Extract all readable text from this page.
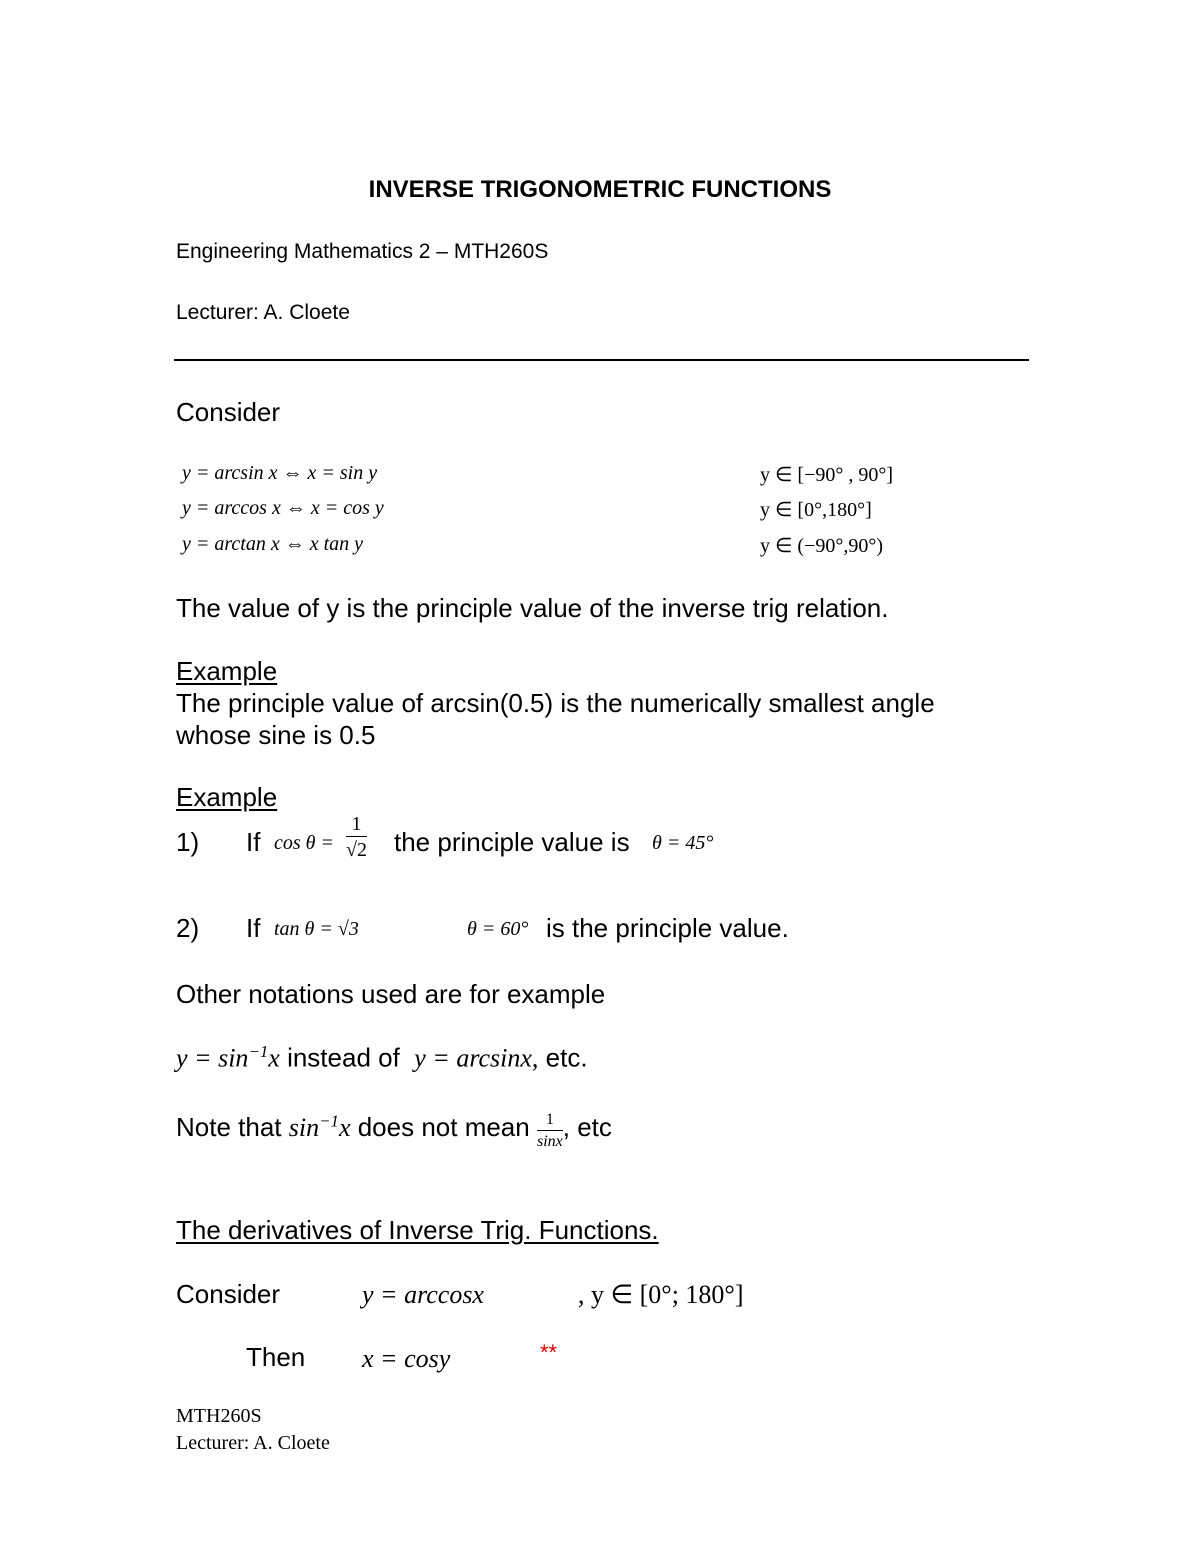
INVERSE TRIGONOMETRIC FUNCTIONS
Engineering Mathematics 2 – MTH260S
Lecturer: A. Cloete
Consider
y = arcsin x ⇔ x = sin y	y ∈ [−90° , 90°]
y = arccos x ⇔ x = cos y	y ∈ [0°,180°]
y = arctan x ⇔ x tan y	y ∈ (−90°,90°)
The value of y is the principle value of the inverse trig relation.
Example
The principle value of arcsin(0.5) is the numerically smallest angle
whose sine is 0.5
Example
1) If $\cos \theta = \frac{1}{√2}$ the principle value is θ = 45°
2) If tan θ = √3	θ = 60° is the principle value.
Other notations used are for example
$y = \sin^{-1}x$ instead of y = arcsinx, etc.
Note that $\sin^{-1}x$ does not mean $\frac{1}{\sin x}$ , etc
The derivatives of Inverse Trig. Functions.
Consider	y = arccosx	, y ∈ [0°; 180°]
Then x = cosy	**
MTH260S
Lecturer: A. Cloete
